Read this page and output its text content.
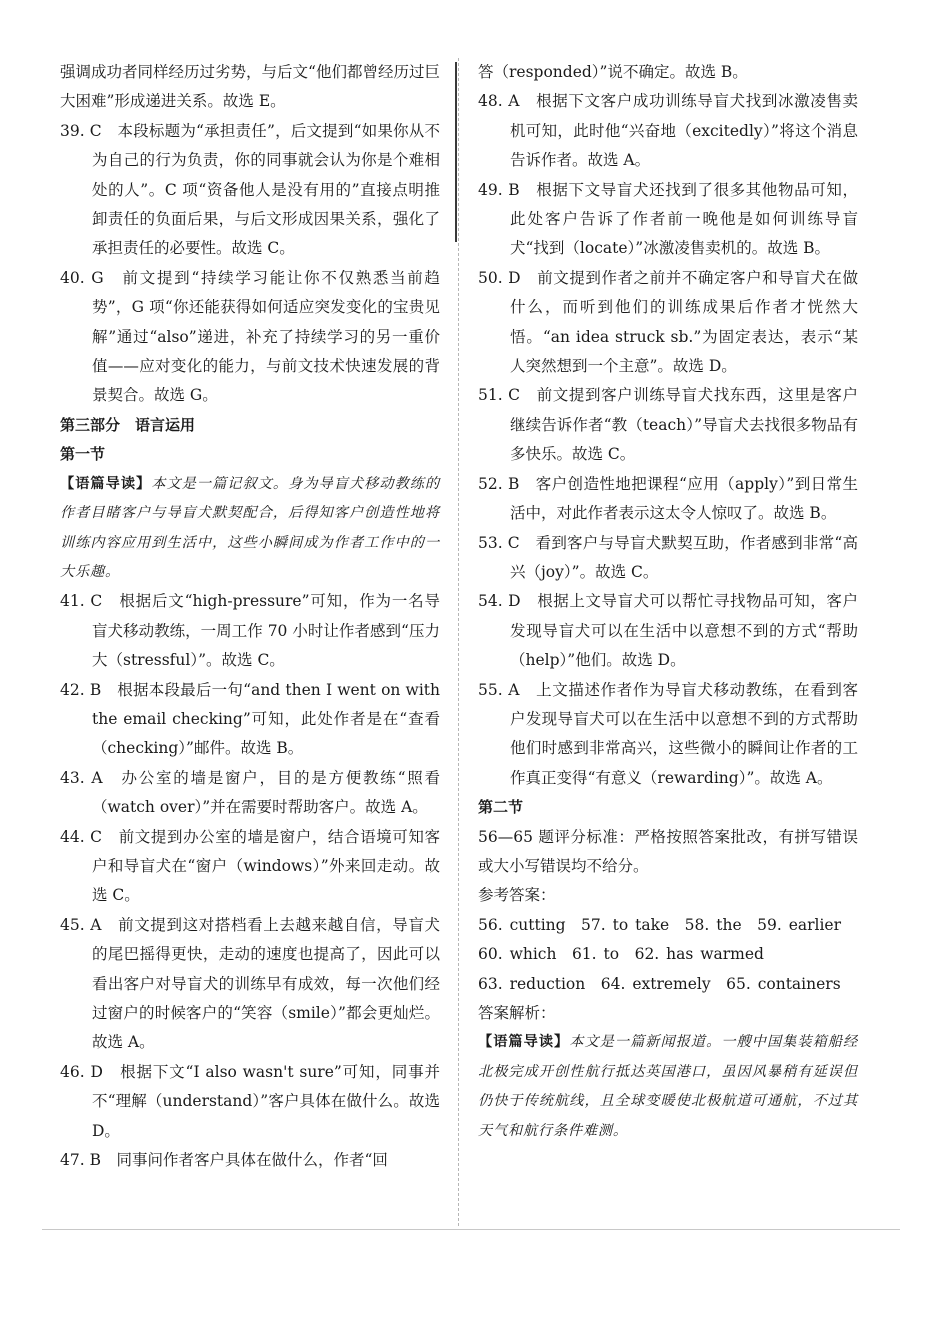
强调成功者同样经历过劣势，与后文“他们都曾经历过巨大困难”形成递进关系。故选 E。

39. C　本段标题为“承担责任”，后文提到“如果你从不为自己的行为负责，你的同事就会认为你是个难相处的人”。C 项“资备他人是没有用的”直接点明推卸责任的负面后果，与后文形成因果关系，强化了承担责任的必要性。故选 C。

40. G　前文提到“持续学习能让你不仅熟悉当前趋势”，G 项“你还能获得如何适应突发变化的宝贵见解”通过“also”递进，补充了持续学习的另一重价值——应对变化的能力，与前文技术快速发展的背景契合。故选 G。

第三部分　语言运用

第一节

【语篇导读】本文是一篇记叙文。身为导盲犬移动教练的作者目睹客户与导盲犬默契配合，后得知客户创造性地将训练内容应用到生活中，这些小瞬间成为作者工作中的一大乐趣。

41. C　根据后文“high-pressure”可知，作为一名导盲犬移动教练，一周工作 70 小时让作者感到“压力大（stressful）”。故选 C。

42. B　根据本段最后一句“and then I went on with the email checking”可知，此处作者是在“查看（checking）”邮件。故选 B。

43. A　办公室的墙是窗户，目的是方便教练“照看（watch over）”并在需要时帮助客户。故选 A。

44. C　前文提到办公室的墙是窗户，结合语境可知客户和导盲犬在“窗户（windows）”外来回走动。故选 C。

45. A　前文提到这对搭档看上去越来越自信，导盲犬的尾巴摇得更快，走动的速度也提高了，因此可以看出客户对导盲犬的训练早有成效，每一次他们经过窗户的时候客户的“笑容（smile）”都会更灿烂。故选 A。

46. D　根据下文“I also wasn't sure”可知，同事并不“理解（understand）”客户具体在做什么。故选 D。

47. B　同事问作者客户具体在做什么，作者“回

答（responded）”说不确定。故选 B。

48. A　根据下文客户成功训练导盲犬找到冰激凌售卖机可知，此时他“兴奋地（excitedly）”将这个消息告诉作者。故选 A。

49. B　根据下文导盲犬还找到了很多其他物品可知，此处客户告诉了作者前一晚他是如何训练导盲犬“找到（locate）”冰激凌售卖机的。故选 B。

50. D　前文提到作者之前并不确定客户和导盲犬在做什么，而听到他们的训练成果后作者才恍然大悟。“an idea struck sb.”为固定表达，表示“某人突然想到一个主意”。故选 D。

51. C　前文提到客户训练导盲犬找东西，这里是客户继续告诉作者“教（teach）”导盲犬去找很多物品有多快乐。故选 C。

52. B　客户创造性地把课程“应用（apply）”到日常生活中，对此作者表示这太令人惊叹了。故选 B。

53. C　看到客户与导盲犬默契互助，作者感到非常“高兴（joy）”。故选 C。

54. D　根据上文导盲犬可以帮忙寻找物品可知，客户发现导盲犬可以在生活中以意想不到的方式“帮助（help）”他们。故选 D。

55. A　上文描述作者作为导盲犬移动教练，在看到客户发现导盲犬可以在生活中以意想不到的方式帮助他们时感到非常高兴，这些微小的瞬间让作者的工作真正变得“有意义（rewarding）”。故选 A。

第二节

56—65 题评分标准：严格按照答案批改，有拼写错误或大小写错误均不给分。

参考答案：

56. cutting　57. to take　58. the　59. earlier

60. which　61. to　62. has warmed

63. reduction　64. extremely　65. containers

答案解析：

【语篇导读】本文是一篇新闻报道。一艘中国集装箱船经北极完成开创性航行抵达英国港口，虽因风暴稍有延误但仍快于传统航线，且全球变暖使北极航道可通航，不过其天气和航行条件难测。
